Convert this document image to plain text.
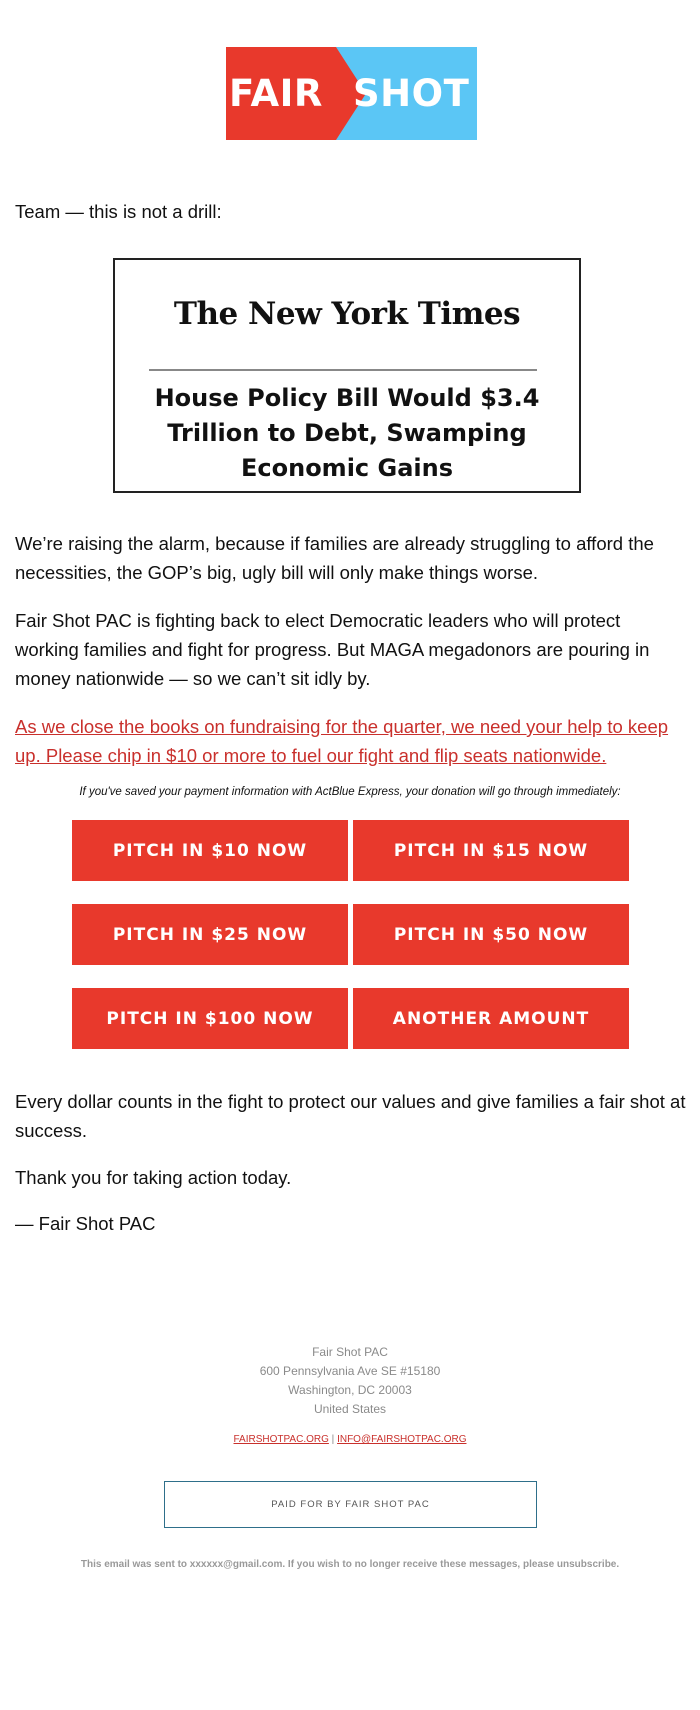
FAIR SHOT

Team — this is not a drill:

The New York Times
House Policy Bill Would $3.4 Trillion to Debt, Swamping Economic Gains

We’re raising the alarm, because if families are already struggling to afford the necessities, the GOP’s big, ugly bill will only make things worse.

Fair Shot PAC is fighting back to elect Democratic leaders who will protect working families and fight for progress. But MAGA megadonors are pouring in money nationwide — so we can’t sit idly by.

As we close the books on fundraising for the quarter, we need your help to keep up. Please chip in $10 or more to fuel our fight and flip seats nationwide.

If you've saved your payment information with ActBlue Express, your donation will go through immediately:
PITCH IN $10 NOW	PITCH IN $15 NOW
PITCH IN $25 NOW	PITCH IN $50 NOW
PITCH IN $100 NOW	ANOTHER AMOUNT

Every dollar counts in the fight to protect our values and give families a fair shot at success.

Thank you for taking action today.

— Fair Shot PAC

Fair Shot PAC
600 Pennsylvania Ave SE #15180
Washington, DC 20003
United States
FAIRSHOTPAC.ORG | INFO@FAIRSHOTPAC.ORG
PAID FOR BY FAIR SHOT PAC
This email was sent to xxxxxx@gmail.com. If you wish to no longer receive these messages, please unsubscribe.
